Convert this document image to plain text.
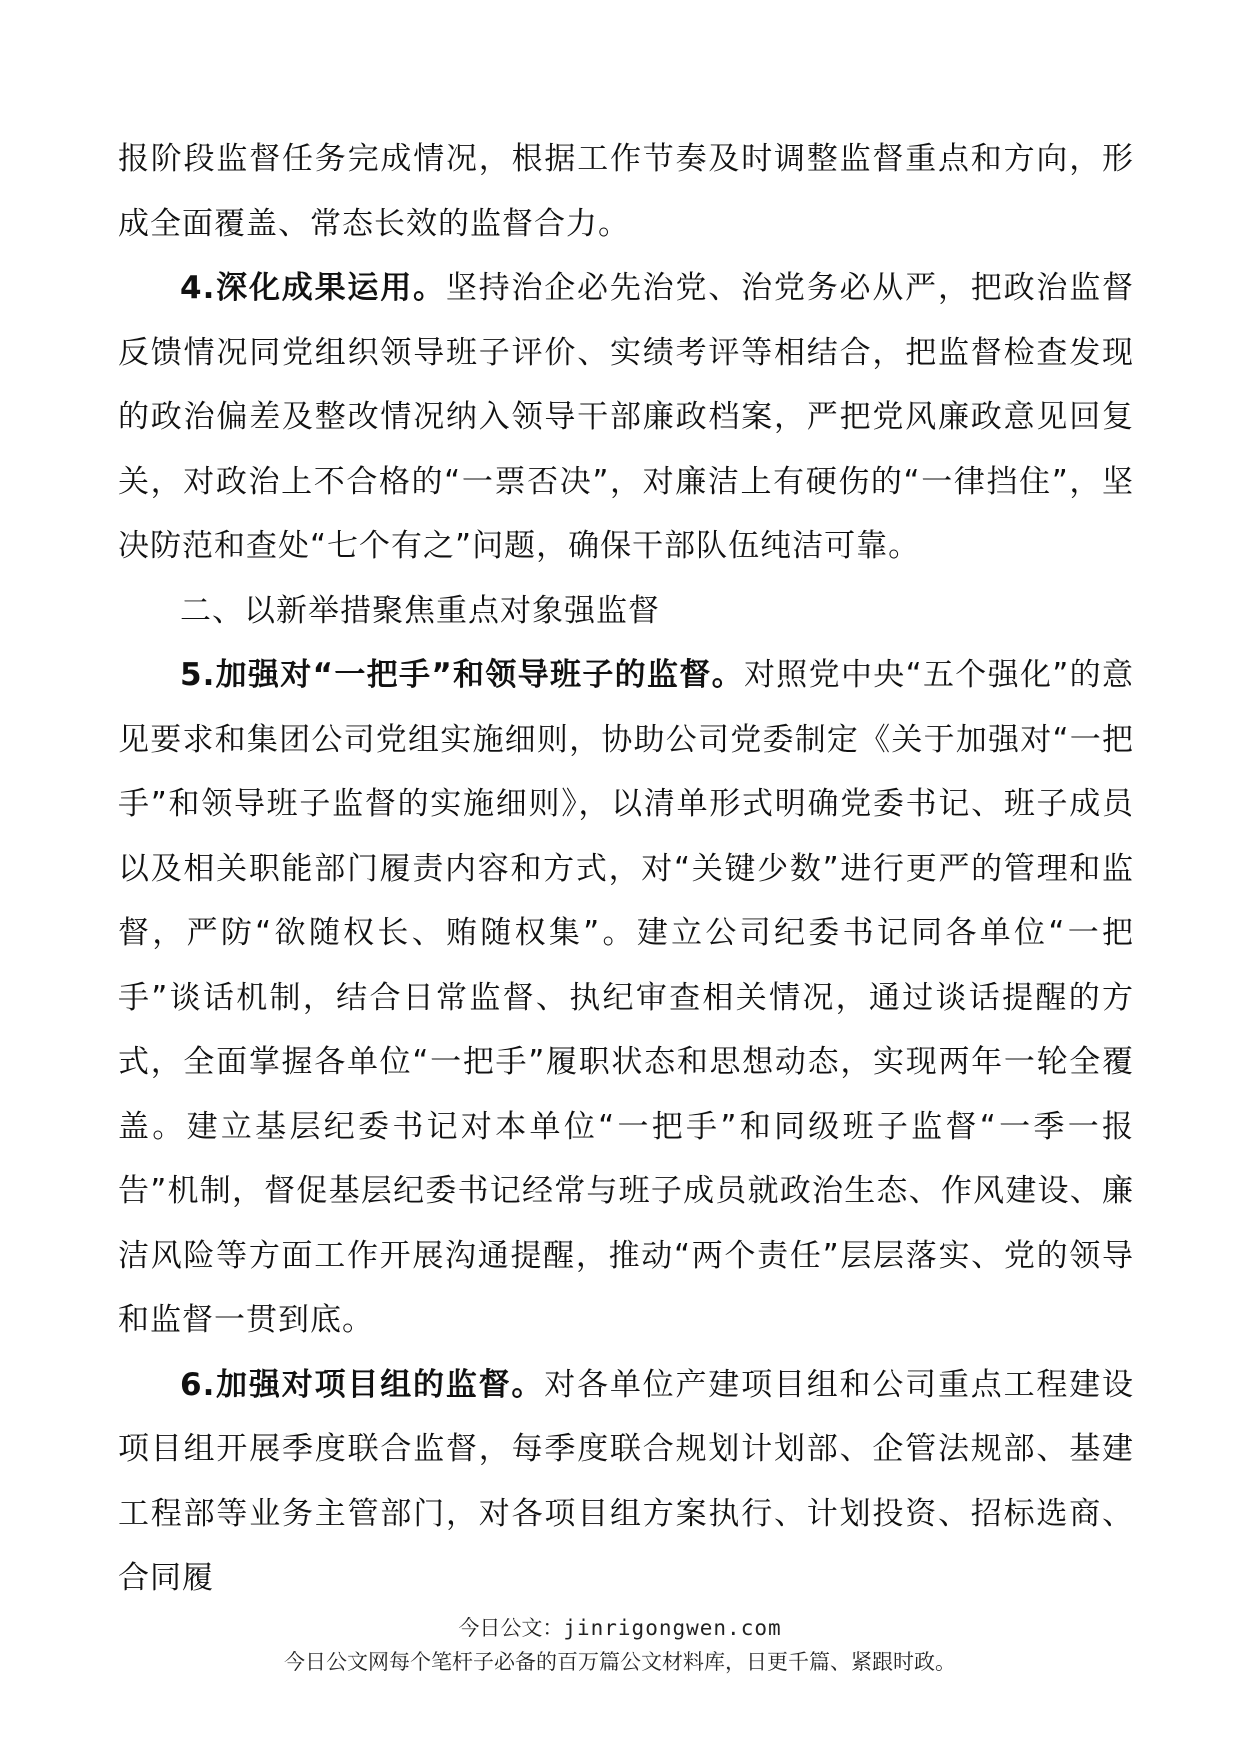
报阶段监督任务完成情况，根据工作节奏及时调整监督重点和方向，形成全面覆盖、常态长效的监督合力。

4.深化成果运用。坚持治企必先治党、治党务必从严，把政治监督反馈情况同党组织领导班子评价、实绩考评等相结合，把监督检查发现的政治偏差及整改情况纳入领导干部廉政档案，严把党风廉政意见回复关，对政治上不合格的“一票否决”，对廉洁上有硬伤的“一律挡住”，坚决防范和查处“七个有之”问题，确保干部队伍纯洁可靠。

二、以新举措聚焦重点对象强监督

5.加强对“一把手”和领导班子的监督。对照党中央“五个强化”的意见要求和集团公司党组实施细则，协助公司党委制定《关于加强对“一把手”和领导班子监督的实施细则》，以清单形式明确党委书记、班子成员以及相关职能部门履责内容和方式，对“关键少数”进行更严的管理和监督，严防“欲随权长、贿随权集”。建立公司纪委书记同各单位“一把手”谈话机制，结合日常监督、执纪审查相关情况，通过谈话提醒的方式，全面掌握各单位“一把手”履职状态和思想动态，实现两年一轮全覆盖。建立基层纪委书记对本单位“一把手”和同级班子监督“一季一报告”机制，督促基层纪委书记经常与班子成员就政治生态、作风建设、廉洁风险等方面工作开展沟通提醒，推动“两个责任”层层落实、党的领导和监督一贯到底。

6.加强对项目组的监督。对各单位产建项目组和公司重点工程建设项目组开展季度联合监督，每季度联合规划计划部、企管法规部、基建工程部等业务主管部门，对各项目组方案执行、计划投资、招标选商、合同履

今日公文：jinrigongwen.com
今日公文网每个笔杆子必备的百万篇公文材料库，日更千篇、紧跟时政。
